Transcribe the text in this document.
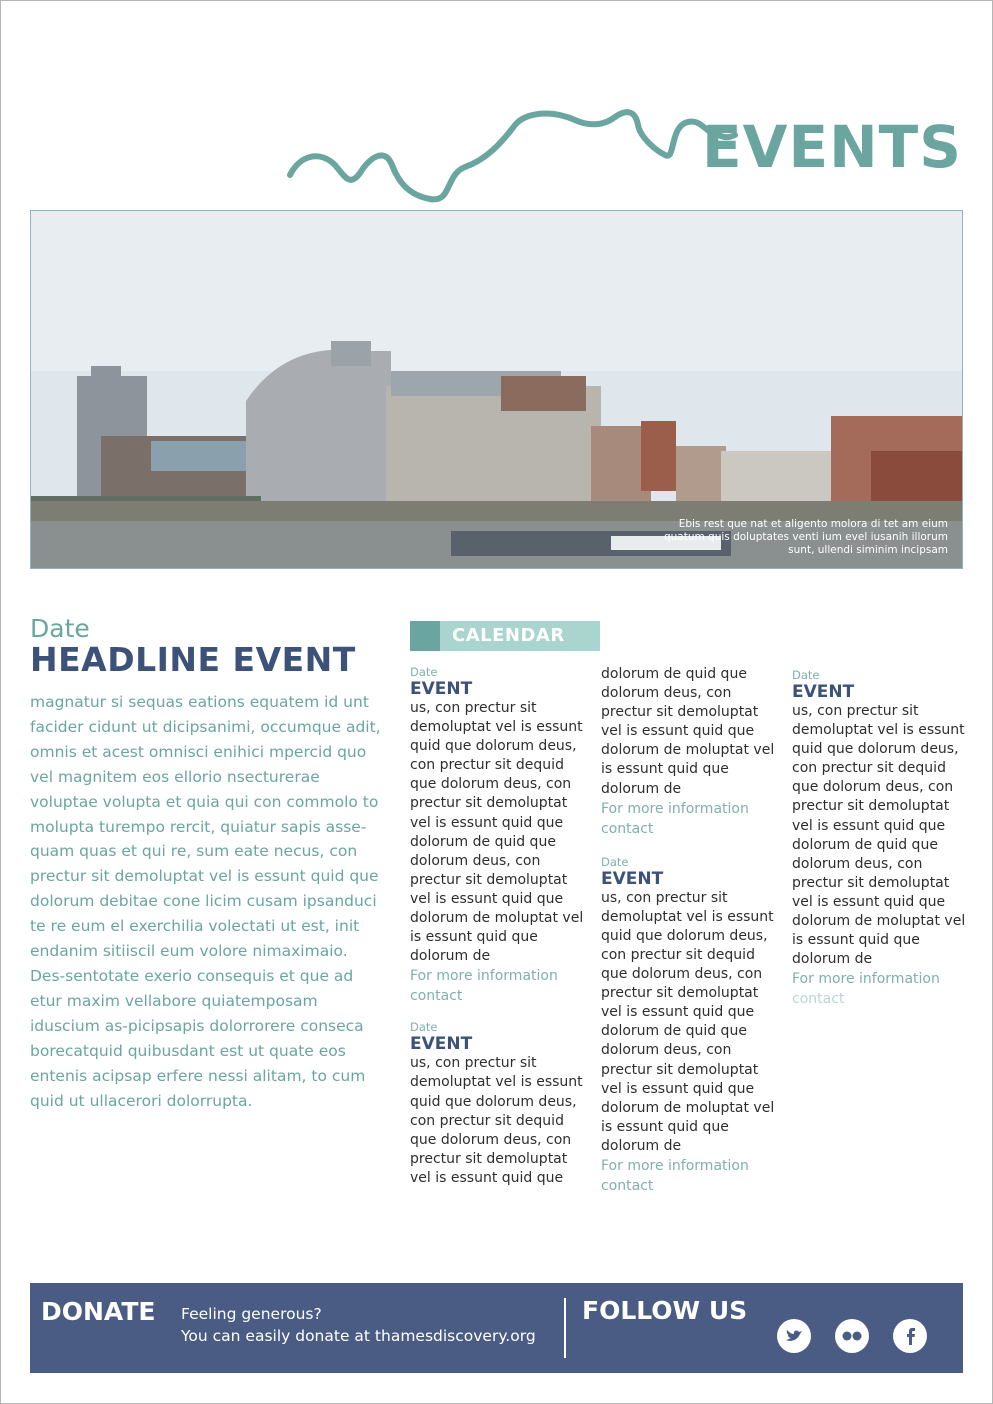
EVENTS
Ebis rest que nat et aligento molora di tet am eium quatum quis doluptates venti ium evel iusanih illorum sunt, ullendi siminim incipsam
Date
HEADLINE EVENT
magnatur si sequas eations equatem id unt facider cidunt ut dicipsanimi, occumque adit, omnis et acest omnisci enihici mpercid quo vel magnitem eos ellorio nsecturerae voluptae volupta et quia qui con commolo to molupta turempo rercit, quiatur sapis asse-quam quas et qui re, sum eate necus, con prectur sit demoluptat vel is essunt quid que dolorum debitae cone licim cusam ipsanduci te re eum el exerchilia volectati ut est, init endanim sitiiscil eum volore nimaximaio. Des-sentotate exerio consequis et que ad etur maxim vellabore quiatemposam iduscium as-picipsapis dolorrorere conseca borecatquid quibusdant est ut quate eos entenis acipsap erfere nessi alitam, to cum quid ut ullacerori dolorrupta.
CALENDAR
Date
EVENT
us, con prectur sit demoluptat vel is essunt quid que dolorum deus, con prectur sit dequid que dolorum deus, con prectur sit demoluptat vel is essunt quid que dolorum de quid que dolorum deus, con prectur sit demoluptat vel is essunt quid que dolorum de moluptat vel is essunt quid que dolorum de
For more information
contact
Date
EVENT
us, con prectur sit demoluptat vel is essunt quid que dolorum deus, con prectur sit dequid que dolorum deus, con prectur sit demoluptat vel is essunt quid que
dolorum de quid que dolorum deus, con prectur sit demoluptat vel is essunt quid que dolorum de moluptat vel is essunt quid que dolorum de
For more information
contact
Date
EVENT
us, con prectur sit demoluptat vel is essunt quid que dolorum deus, con prectur sit dequid que dolorum deus, con prectur sit demoluptat vel is essunt quid que dolorum de quid que dolorum deus, con prectur sit demoluptat vel is essunt quid que dolorum de moluptat vel is essunt quid que dolorum de
For more information
contact
Date
EVENT
us, con prectur sit demoluptat vel is essunt quid que dolorum deus, con prectur sit dequid que dolorum deus, con prectur sit demoluptat vel is essunt quid que dolorum de quid que dolorum deus, con prectur sit demoluptat vel is essunt quid que dolorum de moluptat vel is essunt quid que dolorum de
For more information
contact
DONATE Feeling generous?
You can easily donate at thamesdiscovery.org
FOLLOW US
